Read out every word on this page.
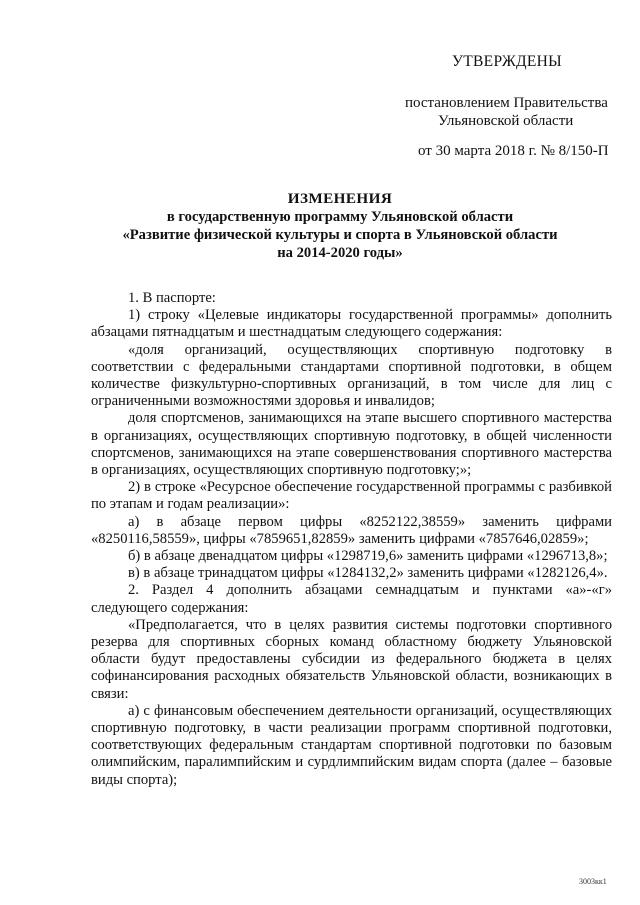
УТВЕРЖДЕНЫ
постановлением Правительства
Ульяновской области
от 30 марта 2018 г. № 8/150-П
ИЗМЕНЕНИЯ
в государственную программу Ульяновской области
«Развитие физической культуры и спорта в Ульяновской области
на 2014-2020 годы»

1. В паспорте:

1) строку «Целевые индикаторы государственной программы» дополнить абзацами пятнадцатым и шестнадцатым следующего содержания:

«доля организаций, осуществляющих спортивную подготовку в соответствии с федеральными стандартами спортивной подготовки, в общем количестве физкультурно-спортивных организаций, в том числе для лиц с ограниченными возможностями здоровья и инвалидов;

доля спортсменов, занимающихся на этапе высшего спортивного мастерства в организациях, осуществляющих спортивную подготовку, в общей численности спортсменов, занимающихся на этапе совершенствования спортивного мастерства в организациях, осуществляющих спортивную подготовку;»;

2) в строке «Ресурсное обеспечение государственной программы с разбивкой по этапам и годам реализации»:

а) в абзаце первом цифры «8252122,38559» заменить цифрами «8250116,58559», цифры «7859651,82859» заменить цифрами «7857646,02859»;

б) в абзаце двенадцатом цифры «1298719,6» заменить цифрами «1296713,8»;

в) в абзаце тринадцатом цифры «1284132,2» заменить цифрами «1282126,4».

2. Раздел 4 дополнить абзацами семнадцатым и пунктами «а»-«г» следующего содержания:

«Предполагается, что в целях развития системы подготовки спортивного резерва для спортивных сборных команд областному бюджету Ульяновской области будут предоставлены субсидии из федерального бюджета в целях софинансирования расходных обязательств Ульяновской области, возникающих в связи:

а) с финансовым обеспечением деятельности организаций, осуществляющих спортивную подготовку, в части реализации программ спортивной подготовки, соответствующих федеральным стандартам спортивной подготовки по базовым олимпийским, паралимпийским и сурдлимпийским видам спорта (далее – базовые виды спорта);

3003кк1
